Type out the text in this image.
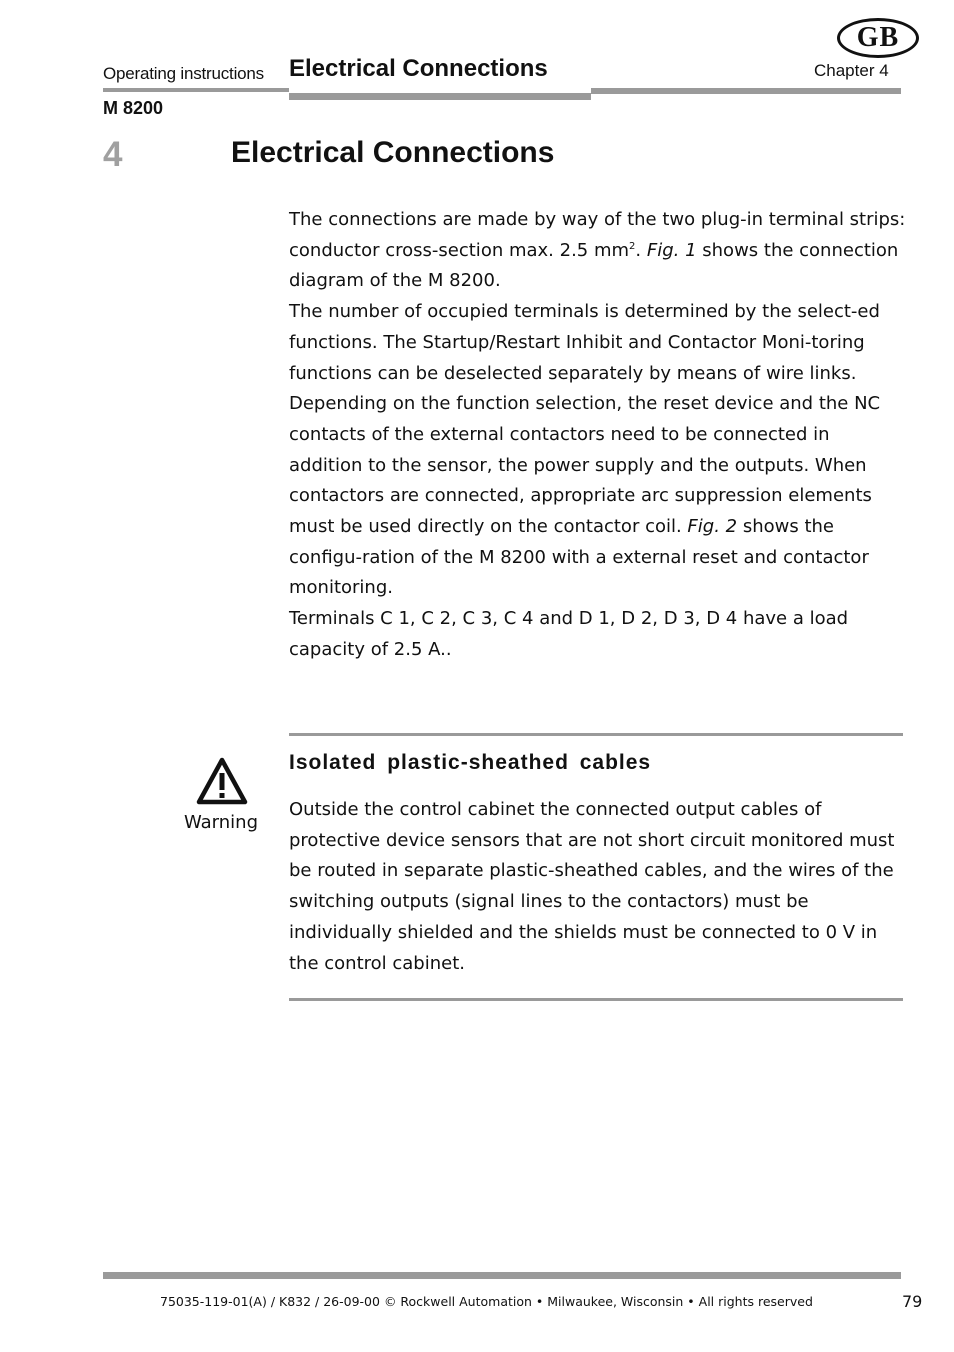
Operating instructions Electrical Connections	Chapter 4
GB
M 8200
4	Electrical Connections

The connections are made by way of the two plug-in terminal strips: conductor cross-section max. 2.5 $mm^2$. Fig. 1 shows the connection diagram of the M 8200.

The number of occupied terminals is determined by the select-ed functions. The Startup/Restart Inhibit and Contactor Moni-toring functions can be deselected separately by means of wire links.

Depending on the function selection, the reset device and the NC contacts of the external contactors need to be connected in addition to the sensor, the power supply and the outputs. When contactors are connected, appropriate arc suppression elements must be used directly on the contactor coil. Fig. 2 shows the configu-ration of the M 8200 with a external reset and contactor monitoring.

Terminals C 1, C 2, C 3, C 4 and D 1, D 2, D 3, D 4 have a load capacity of 2.5 A..

Warning
Isolated plastic-sheathed cables

Outside the control cabinet the connected output cables of protective device sensors that are not short circuit monitored must be routed in separate plastic-sheathed cables, and the wires of the switching outputs (signal lines to the contactors) must be individually shielded and the shields must be connected to 0 V in the control cabinet.

75035-119-01(A) / K832 / 26-09-00 © Rockwell Automation • Milwaukee, Wisconsin • All rights reserved	79
